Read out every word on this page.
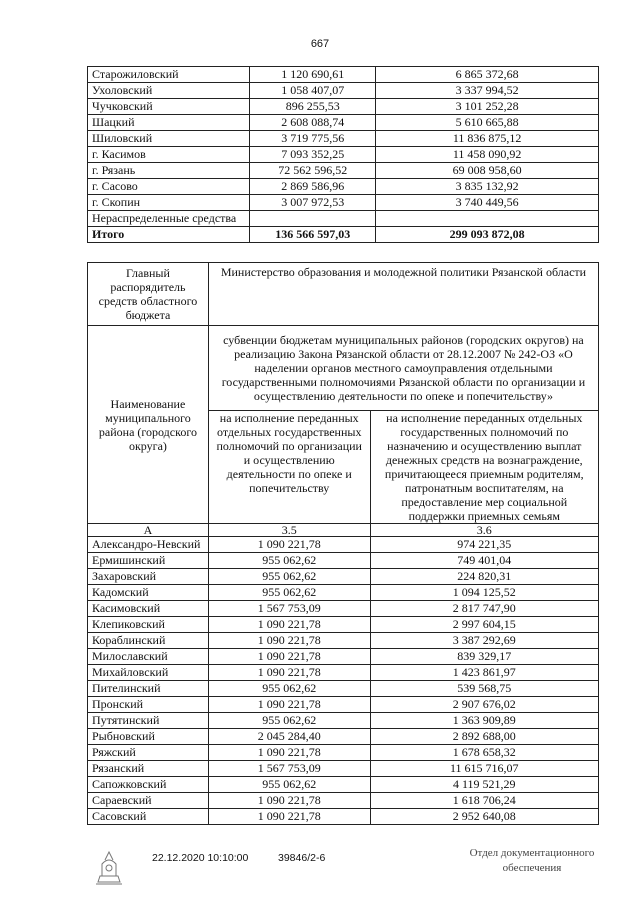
667
Старожиловский	1 120 690,61	6 865 372,68
Ухоловский	1 058 407,07	3 337 994,52
Чучковский	896 255,53	3 101 252,28
Шацкий	2 608 088,74	5 610 665,88
Шиловский	3 719 775,56	11 836 875,12
г. Касимов	7 093 352,25	11 458 090,92
г. Рязань	72 562 596,52	69 008 958,60
г. Сасово	2 869 586,96	3 835 132,92
г. Скопин	3 007 972,53	3 740 449,56
Нераспределенные средства		
Итого	136 566 597,03	299 093 872,08
Главный распорядитель средств областного бюджета	Министерство образования и молодежной политики Рязанской области	
Наименование муниципального района (городского округа)	субвенции бюджетам муниципальных районов (городских округов) на реализацию Закона Рязанской области от 28.12.2007 № 242-ОЗ «О наделении органов местного самоуправления отдельными государственными полномочиями Рязанской области по организации и осуществлению деятельности по опеке и попечительству»	
	на исполнение переданных отдельных государственных полномочий по организации и осуществлению деятельности по опеке и попечительству	на исполнение переданных отдельных государственных полномочий по назначению и осуществлению выплат денежных средств на вознаграждение, причитающееся приемным родителям, патронатным воспитателям, на предоставление мер социальной поддержки приемных семьям
А	3.5	3.6
Александро-Невский	1 090 221,78	974 221,35
Ермишинский	955 062,62	749 401,04
Захаровский	955 062,62	224 820,31
Кадомский	955 062,62	1 094 125,52
Касимовский	1 567 753,09	2 817 747,90
Клепиковский	1 090 221,78	2 997 604,15
Кораблинский	1 090 221,78	3 387 292,69
Милославский	1 090 221,78	839 329,17
Михайловский	1 090 221,78	1 423 861,97
Пителинский	955 062,62	539 568,75
Пронский	1 090 221,78	2 907 676,02
Путятинский	955 062,62	1 363 909,89
Рыбновский	2 045 284,40	2 892 688,00
Ряжский	1 090 221,78	1 678 658,32
Рязанский	1 567 753,09	11 615 716,07
Сапожковский	955 062,62	4 119 521,29
Сараевский	1 090 221,78	1 618 706,24
Сасовский	1 090 221,78	2 952 640,08
22.12.2020 10:10:00	39846/2-6	Отдел документационного обеспечения
